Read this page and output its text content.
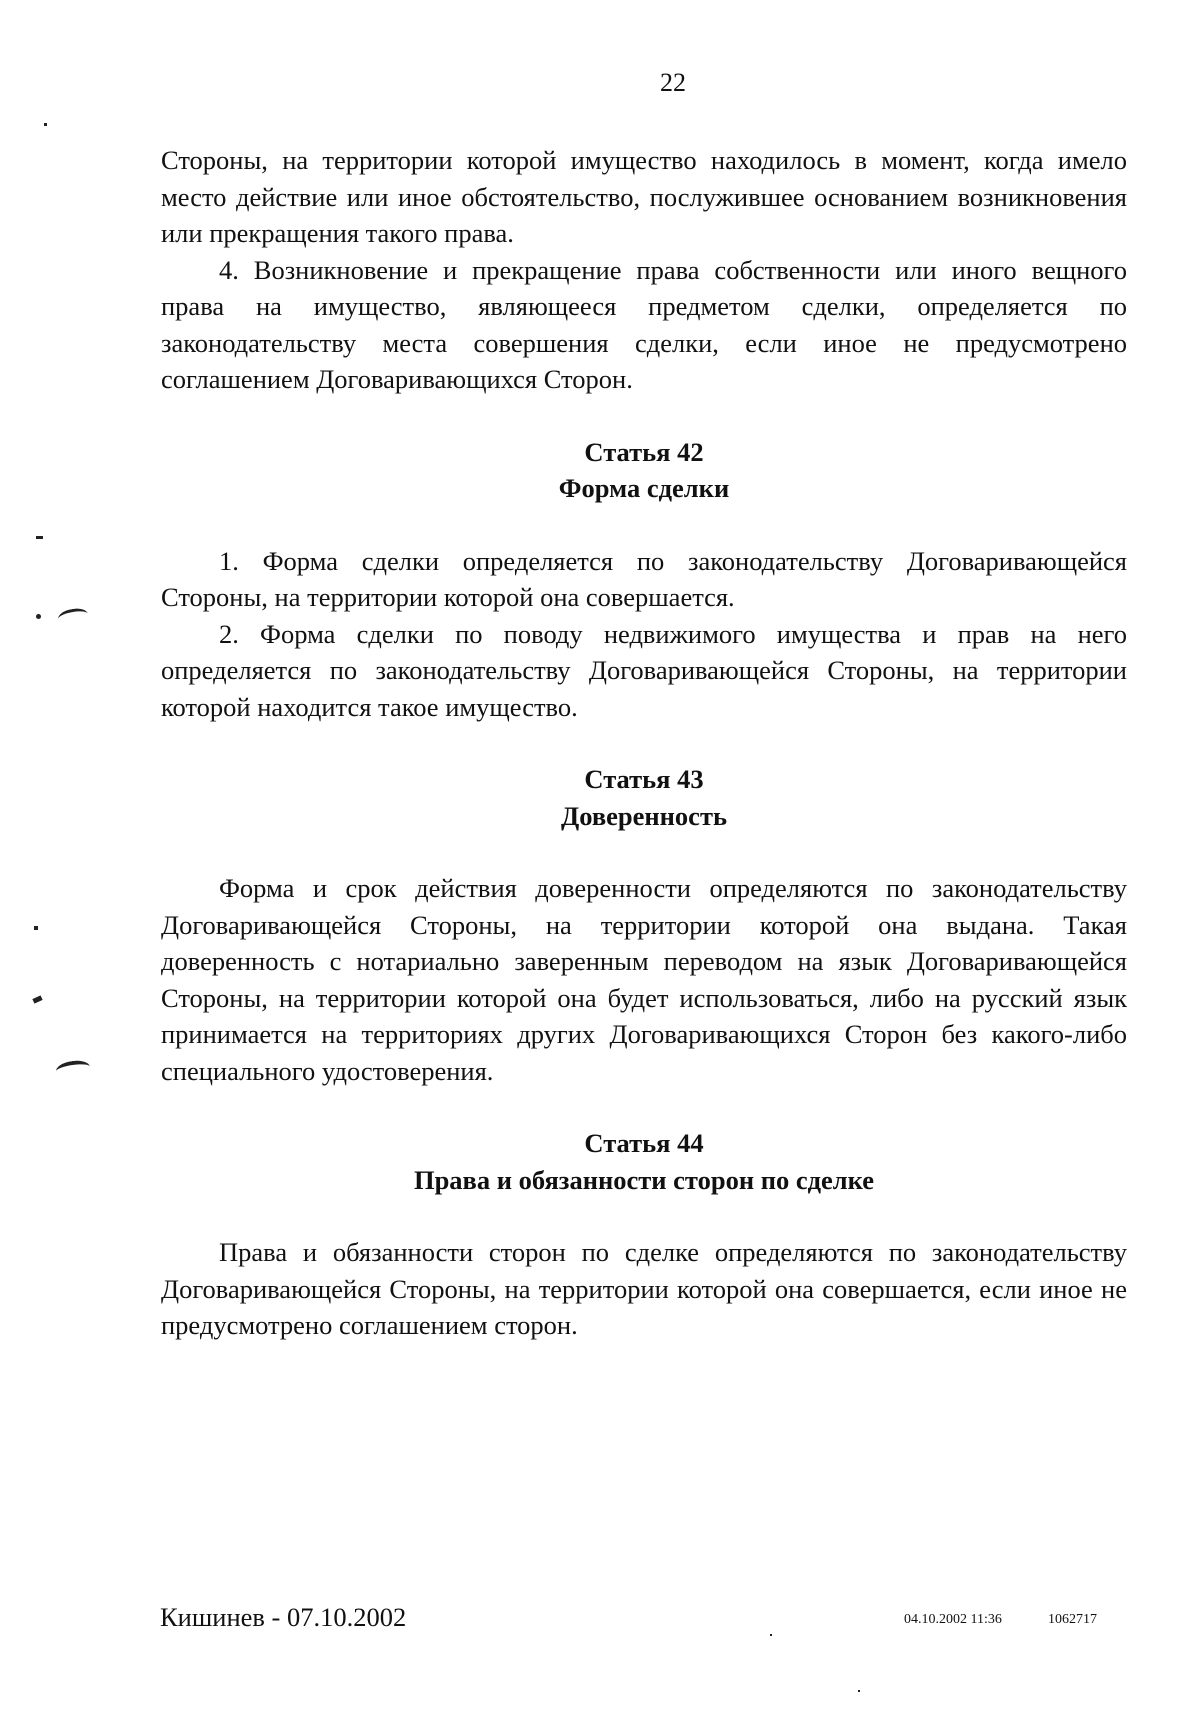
22

Стороны, на территории которой имущество находилось в момент, когда имело место действие или иное обстоятельство, послужившее основанием возникновения или прекращения такого права.

4. Возникновение и прекращение права собственности или иного вещного права на имущество, являющееся предметом сделки, определяется по законодательству места совершения сделки, если иное не предусмотрено соглашением Договаривающихся Сторон.

Статья 42

Форма сделки

1. Форма сделки определяется по законодательству Договаривающейся Стороны, на территории которой она совершается.

2. Форма сделки по поводу недвижимого имущества и прав на него определяется по законодательству Договаривающейся Стороны, на территории которой находится такое имущество.

Статья 43

Доверенность

Форма и срок действия доверенности определяются по законодательству Договаривающейся Стороны, на территории которой она выдана. Такая доверенность с нотариально заверенным переводом на язык Договаривающейся Стороны, на территории которой она будет использоваться, либо на русский язык принимается на территориях других Договаривающихся Сторон без какого-либо специального удостоверения.

Статья 44

Права и обязанности сторон по сделке

Права и обязанности сторон по сделке определяются по законодательству Договаривающейся Стороны, на территории которой она совершается, если иное не предусмотрено соглашением сторон.

Кишинев - 07.10.2002	04.10.2002 11:36	1062717
